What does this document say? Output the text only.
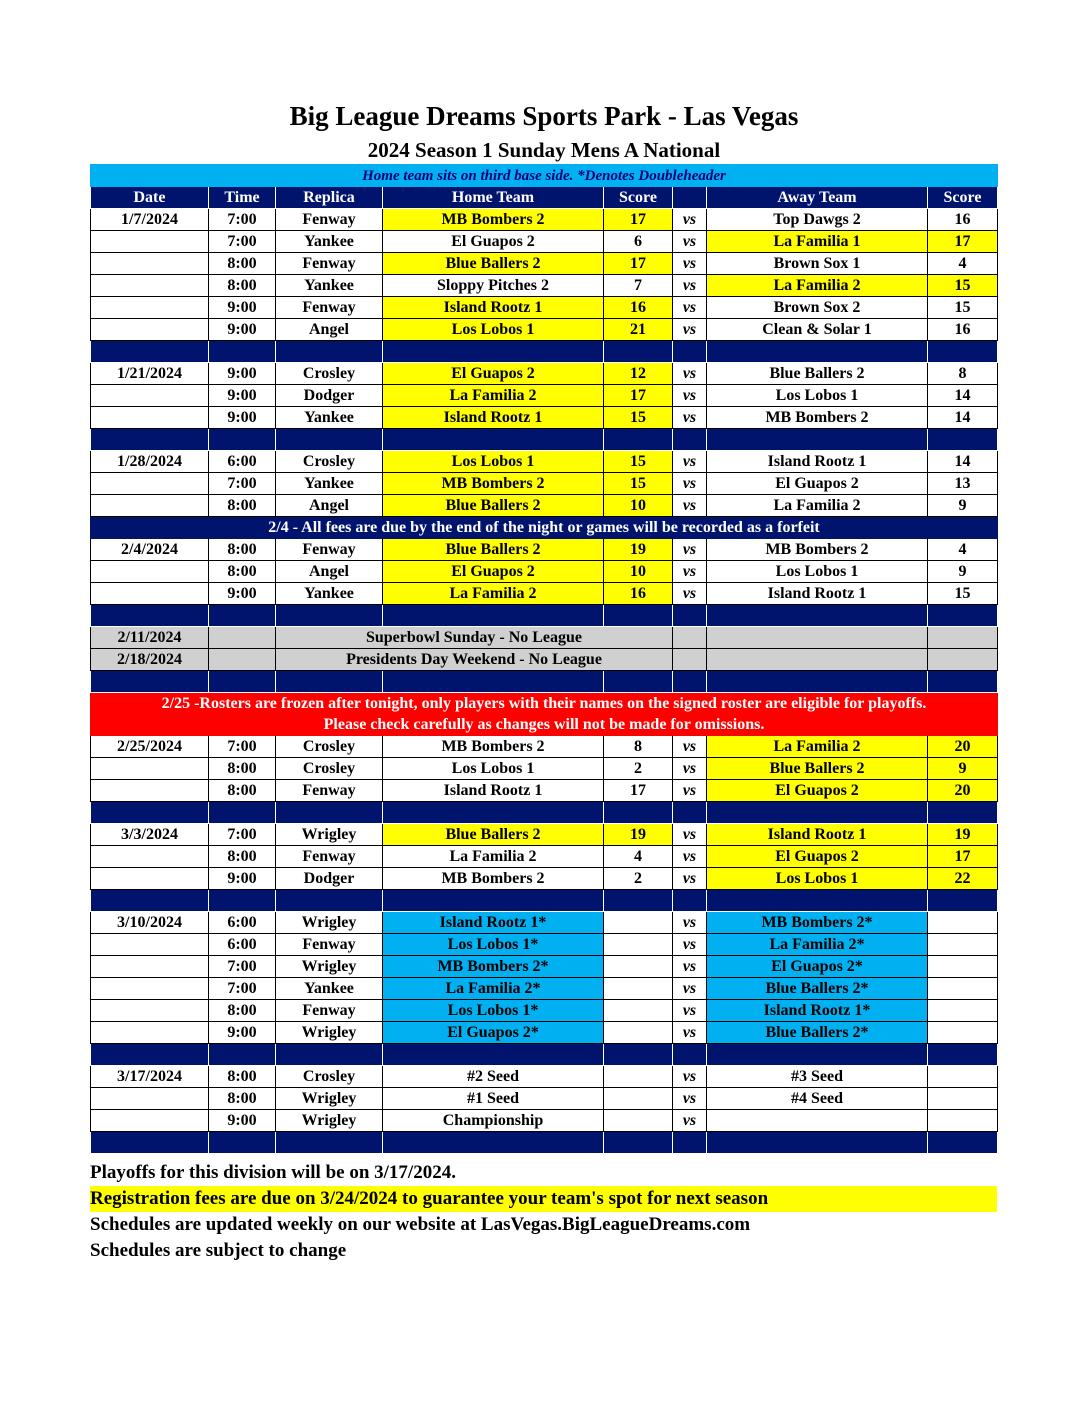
Big League Dreams Sports Park - Las Vegas
2024 Season 1 Sunday Mens A National
Home team sits on third base side. *Denotes Doubleheader							
Date	Time	Replica	Home Team	Score		Away Team	Score
1/7/2024	7:00	Fenway	MB Bombers 2	17	vs	Top Dawgs 2	16
	7:00	Yankee	El Guapos 2	6	vs	La Familia 1	17
	8:00	Fenway	Blue Ballers 2	17	vs	Brown Sox 1	4
	8:00	Yankee	Sloppy Pitches 2	7	vs	La Familia 2	15
	9:00	Fenway	Island Rootz 1	16	vs	Brown Sox 2	15
	9:00	Angel	Los Lobos 1	21	vs	Clean & Solar 1	16

1/21/2024	9:00	Crosley	El Guapos 2	12	vs	Blue Ballers 2	8
	9:00	Dodger	La Familia 2	17	vs	Los Lobos 1	14
	9:00	Yankee	Island Rootz 1	15	vs	MB Bombers 2	14

1/28/2024	6:00	Crosley	Los Lobos 1	15	vs	Island Rootz 1	14
	7:00	Yankee	MB Bombers 2	15	vs	El Guapos 2	13
	8:00	Angel	Blue Ballers 2	10	vs	La Familia 2	9
2/4 - All fees are due by the end of the night or games will be recorded as a forfeit							
2/4/2024	8:00	Fenway	Blue Ballers 2	19	vs	MB Bombers 2	4
	8:00	Angel	El Guapos 2	10	vs	Los Lobos 1	9
	9:00	Yankee	La Familia 2	16	vs	Island Rootz 1	15

2/11/2024		Superbowl Sunday - No League					
2/18/2024		Presidents Day Weekend - No League					

2/25 -Rosters are frozen after tonight, only players with their names on the signed roster are eligible for playoffs.
Please check carefully as changes will not be made for omissions.							

2/25/2024	7:00	Crosley	MB Bombers 2	8	vs	La Familia 2	20
	8:00	Crosley	Los Lobos 1	2	vs	Blue Ballers 2	9
	8:00	Fenway	Island Rootz 1	17	vs	El Guapos 2	20

3/3/2024	7:00	Wrigley	Blue Ballers 2	19	vs	Island Rootz 1	19
	8:00	Fenway	La Familia 2	4	vs	El Guapos 2	17
	9:00	Dodger	MB Bombers 2	2	vs	Los Lobos 1	22

3/10/2024	6:00	Wrigley	Island Rootz 1*		vs	MB Bombers 2*	
	6:00	Fenway	Los Lobos 1*		vs	La Familia 2*	
	7:00	Wrigley	MB Bombers 2*		vs	El Guapos 2*	
	7:00	Yankee	La Familia 2*		vs	Blue Ballers 2*	
	8:00	Fenway	Los Lobos 1*		vs	Island Rootz 1*	
	9:00	Wrigley	El Guapos 2*		vs	Blue Ballers 2*	

3/17/2024	8:00	Crosley	#2 Seed		vs	#3 Seed	
	8:00	Wrigley	#1 Seed		vs	#4 Seed	
	9:00	Wrigley	Championship		vs		

Playoffs for this division will be on 3/17/2024.
Registration fees are due on 3/24/2024 to guarantee your team's spot for next season
Schedules are updated weekly on our website at LasVegas.BigLeagueDreams.com
Schedules are subject to change
